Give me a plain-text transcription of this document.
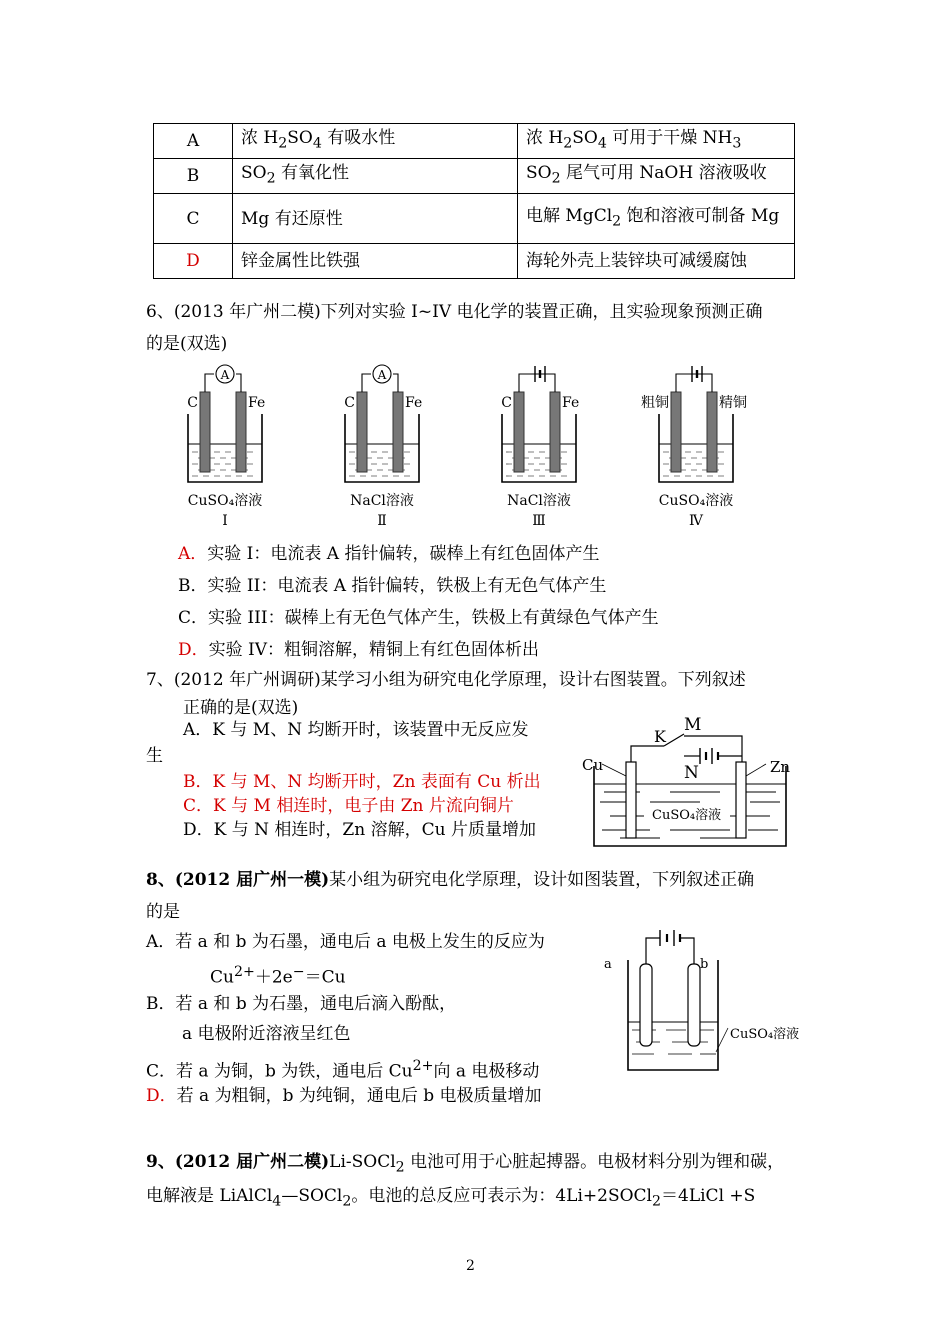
A	浓 $H_2SO_4$ 有吸水性	浓 $H_2SO_4$ 可用于干燥 $NH_3$
B	$SO_2$ 有氧化性	$SO_2$ 尾气可用 NaOH 溶液吸收
C	Mg 有还原性	电解 MgCl$_2$ 饱和溶液可制备 Mg
D	锌金属性比铁强	海轮外壳上装锌块可减缓腐蚀
6、(2013 年广州二模)下列对实验 I~IV 电化学的装置正确，且实验现象预测正确
的是(双选)
A
C	Fe
CuSO₄溶液
Ⅰ
A
C	Fe
NaCl溶液
Ⅱ
C	Fe
NaCl溶液
Ⅲ
粗铜	精铜
CuSO₄溶液
Ⅳ
A．实验 I：电流表 A 指针偏转，碳棒上有红色固体产生
B．实验 II：电流表 A 指针偏转，铁极上有无色气体产生
C．实验 III：碳棒上有无色气体产生，铁极上有黄绿色气体产生
D．实验 IV：粗铜溶解，精铜上有红色固体析出
7、(2012 年广州调研)某学习小组为研究电化学原理，设计右图装置。下列叙述
正确的是(双选)
A．K 与 M、N 均断开时，该装置中无反应发
生
B．K 与 M、N 均断开时，Zn 表面有 Cu 析出
C．K 与 M 相连时，电子由 Zn 片流向铜片
D．K 与 N 相连时，Zn 溶解，Cu 片质量增加
Cu	Zn
K
M
N
CuSO₄溶液
8、(2012 届广州一模)某小组为研究电化学原理，设计如图装置，下列叙述正确
的是
A．若 a 和 b 为石墨，通电后 a 电极上发生的反应为
$Cu^{2+}+2e^-=Cu$
B．若 a 和 b 为石墨，通电后滴入酚酞，
a 电极附近溶液呈红色
C．若 a 为铜，b 为铁，通电后 $Cu^{2+}$向 a 电极移动
D．若 a 为粗铜，b 为纯铜，通电后 b 电极质量增加
a	b
CuSO₄溶液
9、(2012 届广州二模)Li-SOCl$_2$ 电池可用于心脏起搏器。电极材料分别为锂和碳，
电解液是 LiAlCl$_4$—SOCl$_2$。电池的总反应可表示为：4Li+2SOCl$_2$＝4LiCl +S
2
